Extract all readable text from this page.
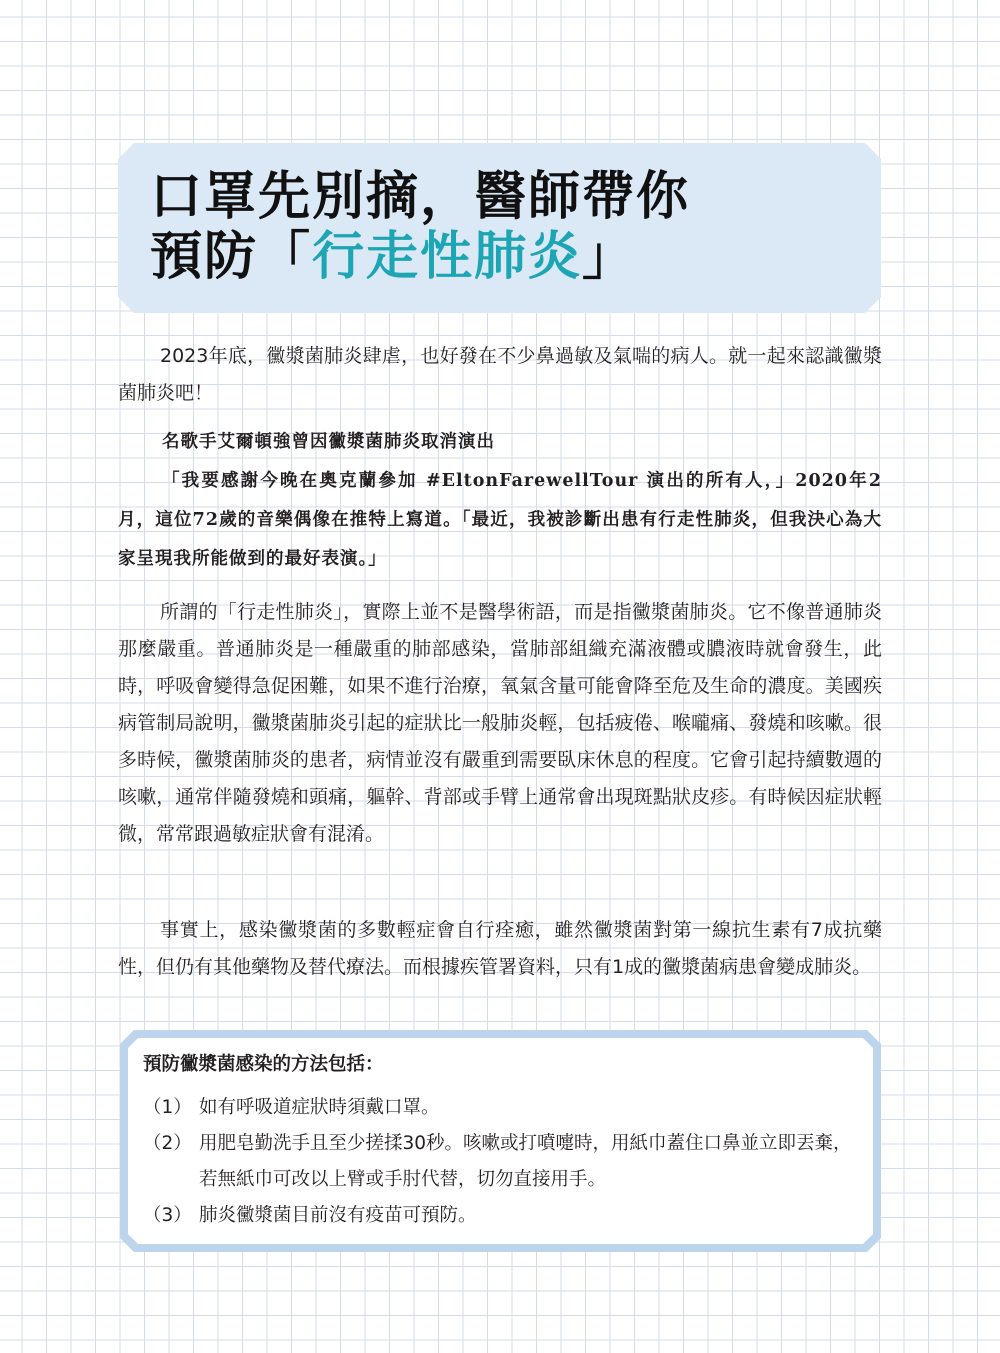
口罩先別摘，醫師帶你
預防「行走性肺炎」

2023年底，黴漿菌肺炎肆虐，也好發在不少鼻過敏及氣喘的病人。就一起來認識黴漿菌肺炎吧！

名歌手艾爾頓強曾因黴漿菌肺炎取消演出
「我要感謝今晚在奧克蘭參加 #EltonFarewellTour 演出的所有人，」2020年2月，這位72歲的音樂偶像在推特上寫道。「最近，我被診斷出患有行走性肺炎，但我決心為大家呈現我所能做到的最好表演。」

所謂的「行走性肺炎」，實際上並不是醫學術語，而是指黴漿菌肺炎。它不像普通肺炎那麼嚴重。普通肺炎是一種嚴重的肺部感染，當肺部組織充滿液體或膿液時就會發生，此時，呼吸會變得急促困難，如果不進行治療，氧氣含量可能會降至危及生命的濃度。美國疾病管制局說明，黴漿菌肺炎引起的症狀比一般肺炎輕，包括疲倦、喉嚨痛、發燒和咳嗽。很多時候，黴漿菌肺炎的患者，病情並沒有嚴重到需要臥床休息的程度。它會引起持續數週的咳嗽，通常伴隨發燒和頭痛，軀幹、背部或手臂上通常會出現斑點狀皮疹。有時候因症狀輕微，常常跟過敏症狀會有混淆。

事實上，感染黴漿菌的多數輕症會自行痊癒，雖然黴漿菌對第一線抗生素有7成抗藥性，但仍有其他藥物及替代療法。而根據疾管署資料，只有1成的黴漿菌病患會變成肺炎。

預防黴漿菌感染的方法包括：

（1） 如有呼吸道症狀時須戴口罩。
（2） 用肥皂勤洗手且至少搓揉30秒。咳嗽或打噴嚏時，用紙巾蓋住口鼻並立即丟棄，若無紙巾可改以上臂或手肘代替，切勿直接用手。
（3） 肺炎黴漿菌目前沒有疫苗可預防。
